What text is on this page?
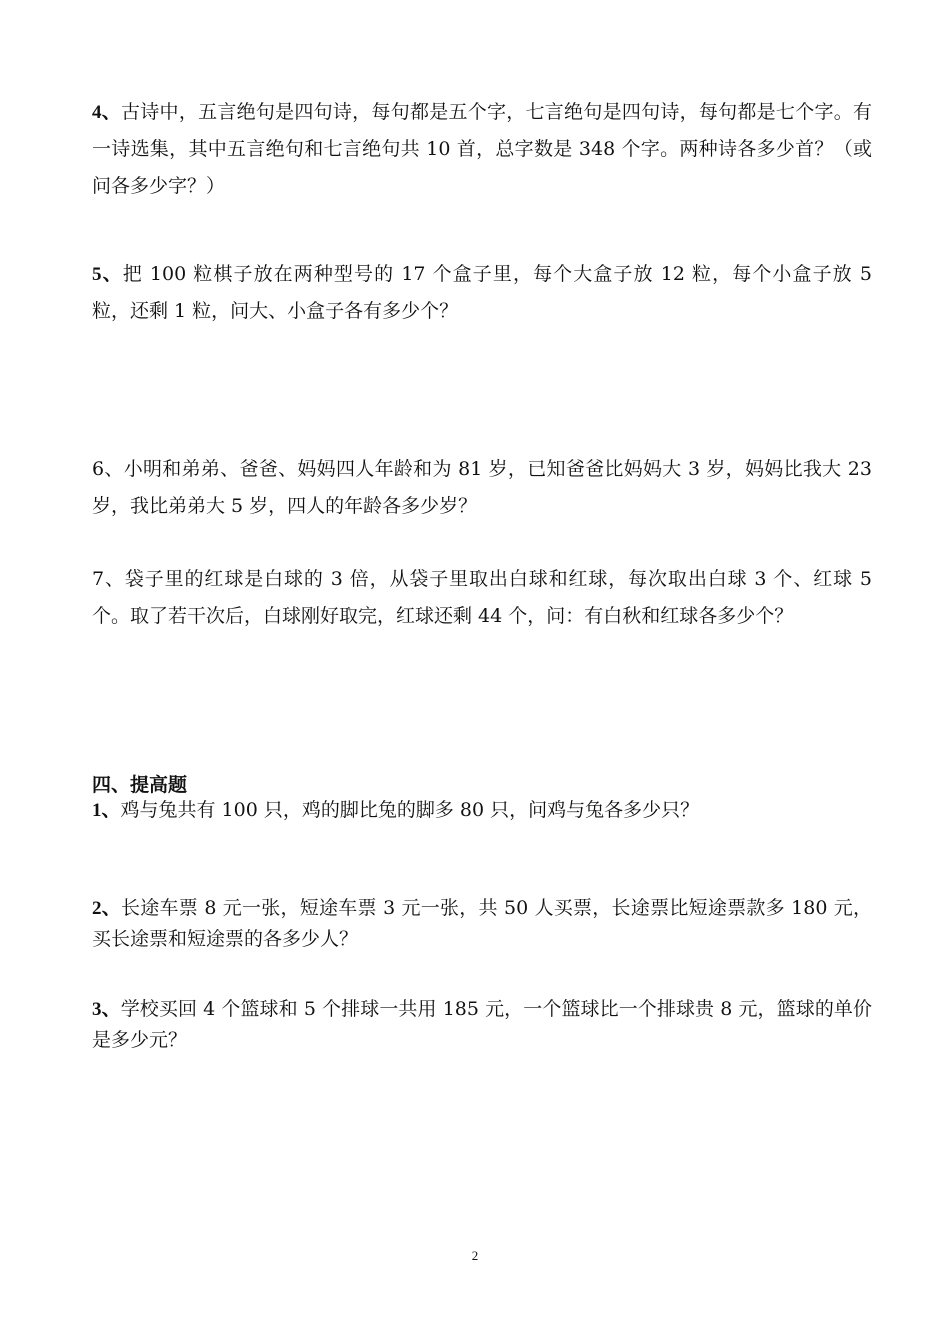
4、古诗中，五言绝句是四句诗，每句都是五个字，七言绝句是四句诗，每句都是七个字。有一诗选集，其中五言绝句和七言绝句共 10 首，总字数是 348 个字。两种诗各多少首？（或问各多少字？）
5、把 100 粒棋子放在两种型号的 17 个盒子里，每个大盒子放 12 粒，每个小盒子放 5 粒，还剩 1 粒，问大、小盒子各有多少个？
6、小明和弟弟、爸爸、妈妈四人年龄和为 81 岁，已知爸爸比妈妈大 3 岁，妈妈比我大 23 岁，我比弟弟大 5 岁，四人的年龄各多少岁？
7、袋子里的红球是白球的 3 倍，从袋子里取出白球和红球，每次取出白球 3 个、红球 5 个。取了若干次后，白球刚好取完，红球还剩 44 个，问：有白秋和红球各多少个？
四、提高题
1、鸡与兔共有 100 只，鸡的脚比兔的脚多 80 只，问鸡与兔各多少只？
2、长途车票 8 元一张，短途车票 3 元一张，共 50 人买票，长途票比短途票款多 180 元，买长途票和短途票的各多少人？
3、学校买回 4 个篮球和 5 个排球一共用 185 元，一个篮球比一个排球贵 8 元，篮球的单价是多少元？
2
